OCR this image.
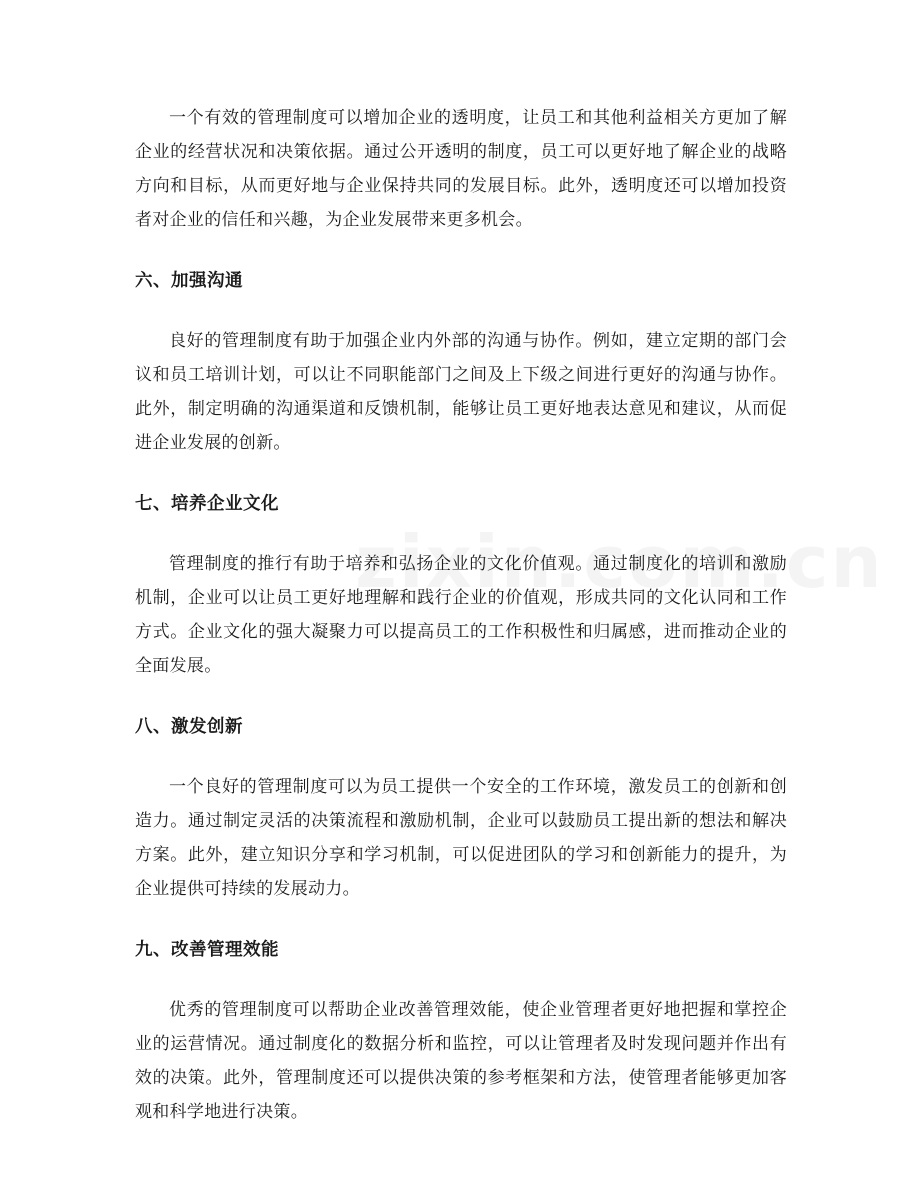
一个有效的管理制度可以增加企业的透明度，让员工和其他利益相关方更加了解企业的经营状况和决策依据。通过公开透明的制度，员工可以更好地了解企业的战略方向和目标，从而更好地与企业保持共同的发展目标。此外，透明度还可以增加投资者对企业的信任和兴趣，为企业发展带来更多机会。

六、加强沟通

良好的管理制度有助于加强企业内外部的沟通与协作。例如，建立定期的部门会议和员工培训计划，可以让不同职能部门之间及上下级之间进行更好的沟通与协作。此外，制定明确的沟通渠道和反馈机制，能够让员工更好地表达意见和建议，从而促进企业发展的创新。

七、培养企业文化

管理制度的推行有助于培养和弘扬企业的文化价值观。通过制度化的培训和激励机制，企业可以让员工更好地理解和践行企业的价值观，形成共同的文化认同和工作方式。企业文化的强大凝聚力可以提高员工的工作积极性和归属感，进而推动企业的全面发展。

八、激发创新

一个良好的管理制度可以为员工提供一个安全的工作环境，激发员工的创新和创造力。通过制定灵活的决策流程和激励机制，企业可以鼓励员工提出新的想法和解决方案。此外，建立知识分享和学习机制，可以促进团队的学习和创新能力的提升，为企业提供可持续的发展动力。

九、改善管理效能

优秀的管理制度可以帮助企业改善管理效能，使企业管理者更好地把握和掌控企业的运营情况。通过制度化的数据分析和监控，可以让管理者及时发现问题并作出有效的决策。此外，管理制度还可以提供决策的参考框架和方法，使管理者能够更加客观和科学地进行决策。
